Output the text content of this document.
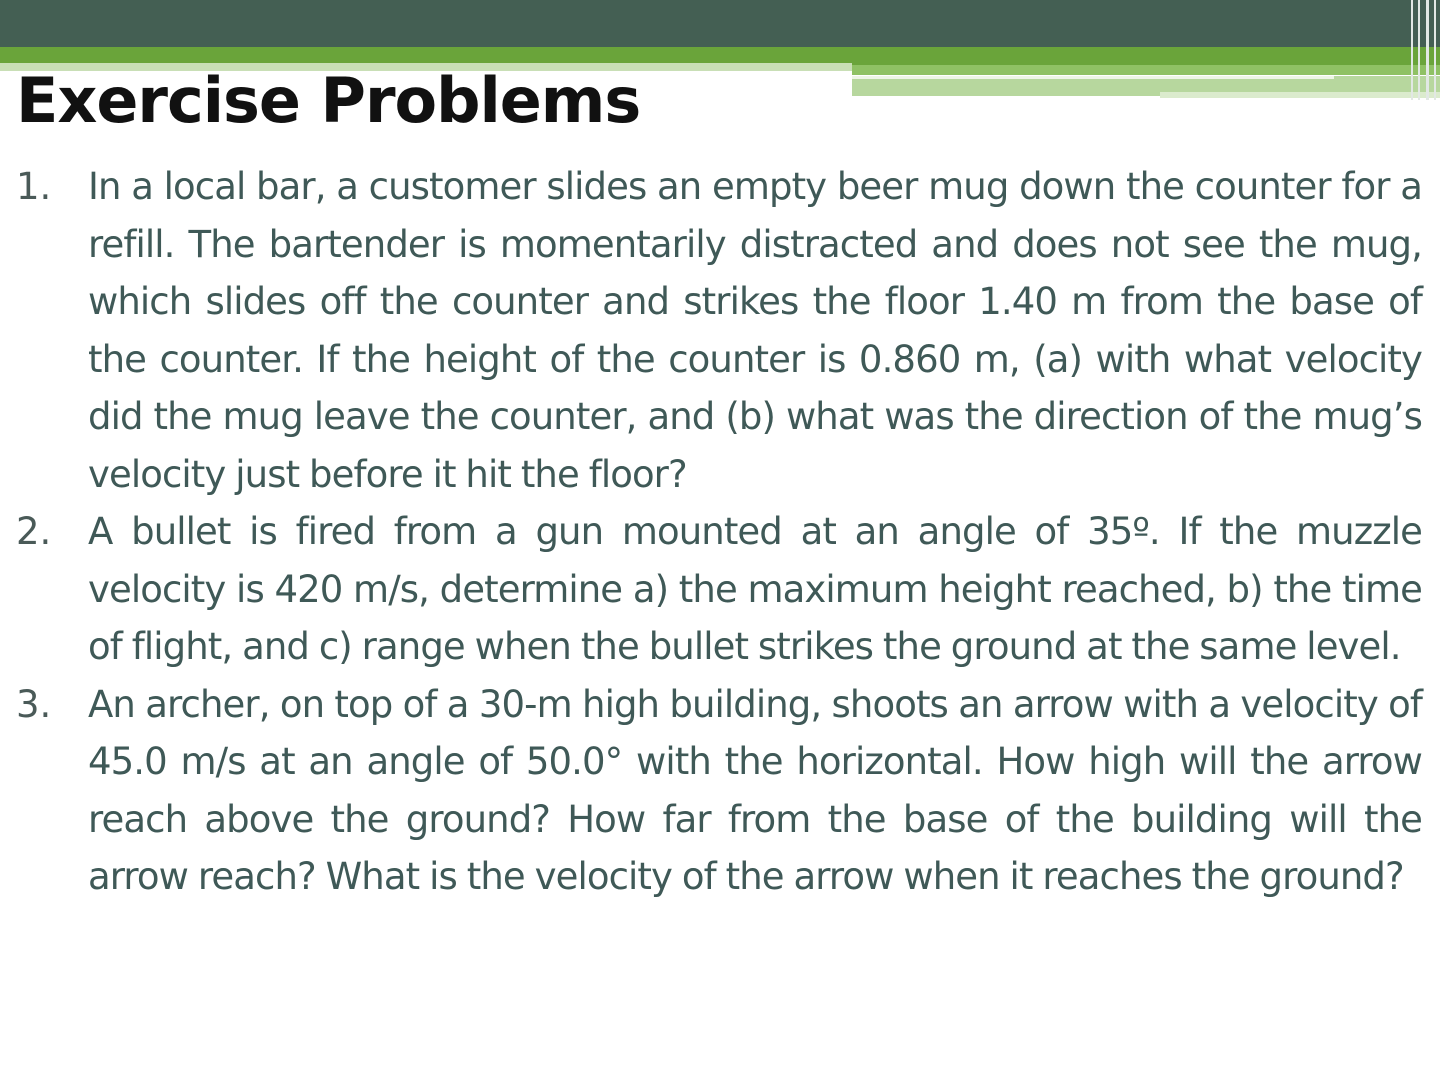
Exercise Problems
1. In a local bar, a customer slides an empty beer mug down the counter for a refill. The bartender is momentarily distracted and does not see the mug, which slides off the counter and strikes the floor 1.40 m from the base of the counter. If the height of the counter is 0.860 m, (a) with what velocity did the mug leave the counter, and (b) what was the direction of the mug’s velocity just before it hit the floor?
2. A bullet is fired from a gun mounted at an angle of 35º. If the muzzle velocity is 420 m/s, determine a) the maximum height reached, b) the time of flight, and c) range when the bullet strikes the ground at the same level.
3. An archer, on top of a 30-m high building, shoots an arrow with a velocity of 45.0 m/s at an angle of 50.0° with the horizontal. How high will the arrow reach above the ground? How far from the base of the building will the arrow reach? What is the velocity of the arrow when it reaches the ground?
